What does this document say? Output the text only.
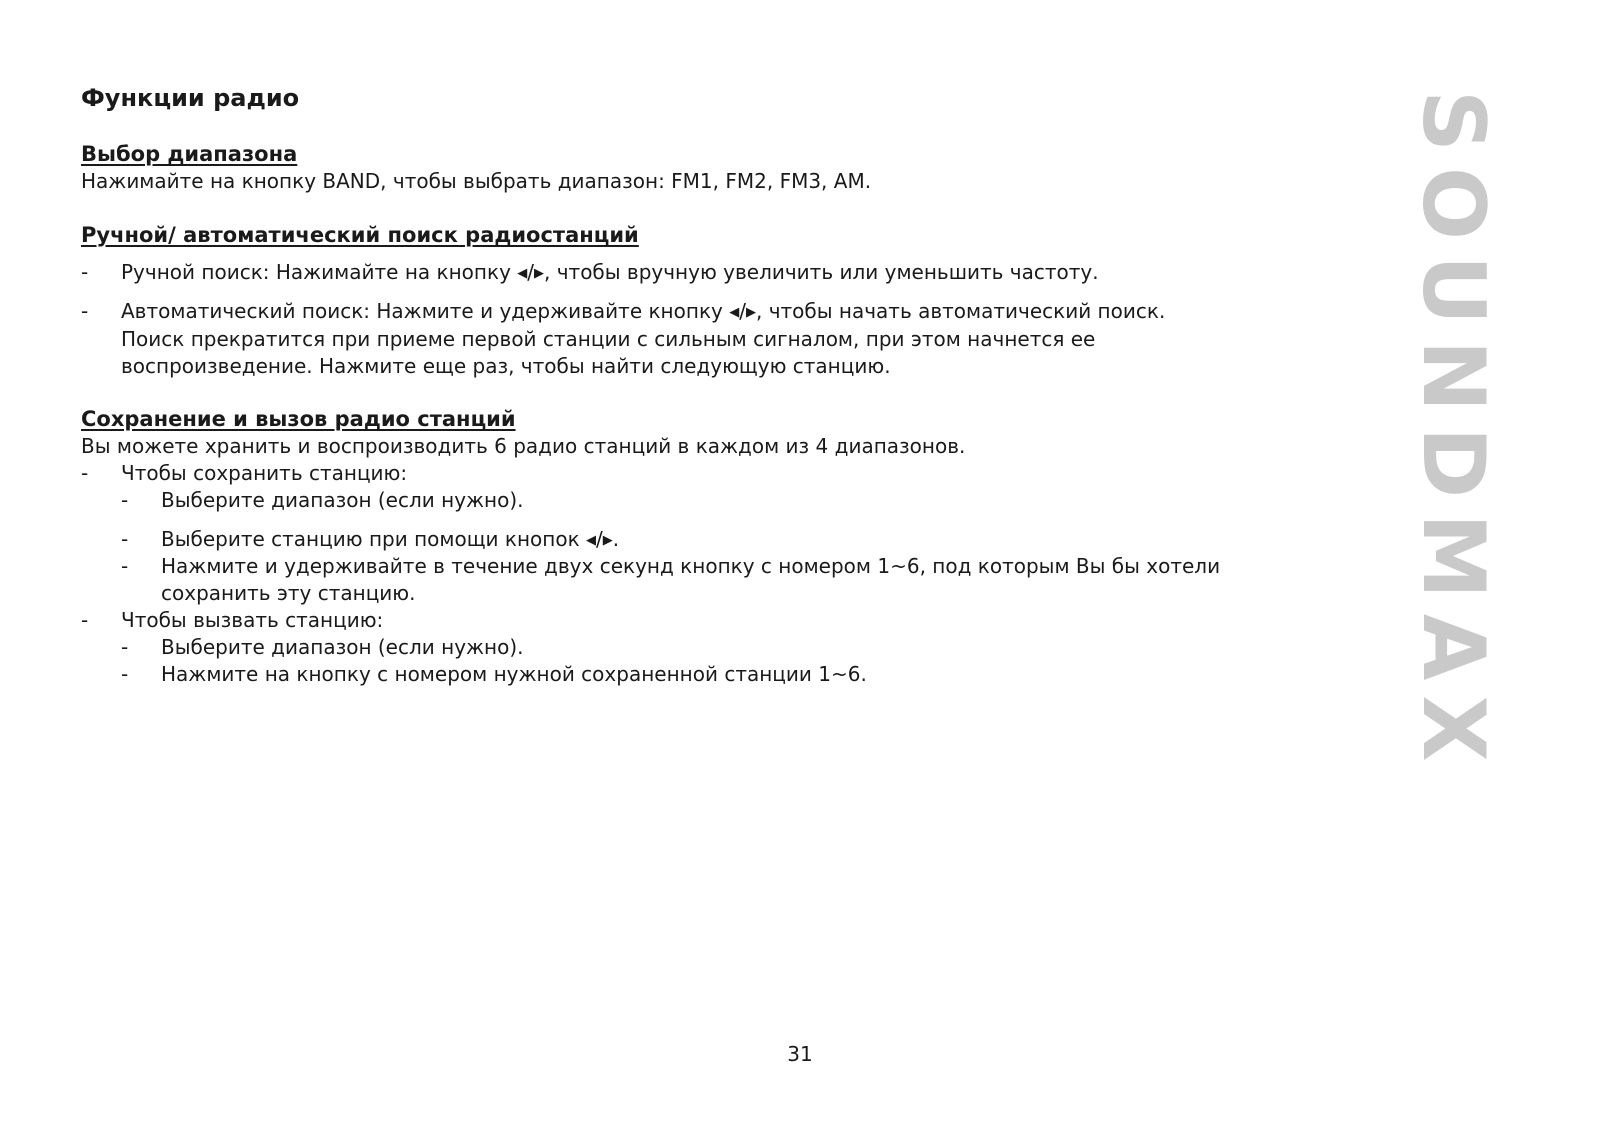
Функции радио
Выбор диапазона

Нажимайте на кнопку BAND, чтобы выбрать диапазон: FM1, FM2, FM3, AM.

Ручной/ автоматический поиск радиостанций
-	Ручной поиск: Нажимайте на кнопку ◀/▶, чтобы вручную увеличить или уменьшить частоту.
-	Автоматический поиск: Нажмите и удерживайте кнопку ◀/▶, чтобы начать автоматический поиск.
Поиск прекратится при приеме первой станции с сильным сигналом, при этом начнется ее
воспроизведение. Нажмите еще раз, чтобы найти следующую станцию.
Сохранение и вызов радио станций

Вы можете хранить и воспроизводить 6 радио станций в каждом из 4 диапазонов.

-	Чтобы сохранить станцию:
-	Выберите диапазон (если нужно).
-	Выберите станцию при помощи кнопок ◀/▶.
-	Нажмите и удерживайте в течение двух секунд кнопку с номером 1~6, под которым Вы бы хотели
сохранить эту станцию.
-	Чтобы вызвать станцию:
-	Выберите диапазон (если нужно).
-	Нажмите на кнопку с номером нужной сохраненной станции 1~6.
31
SOUNDMAX
